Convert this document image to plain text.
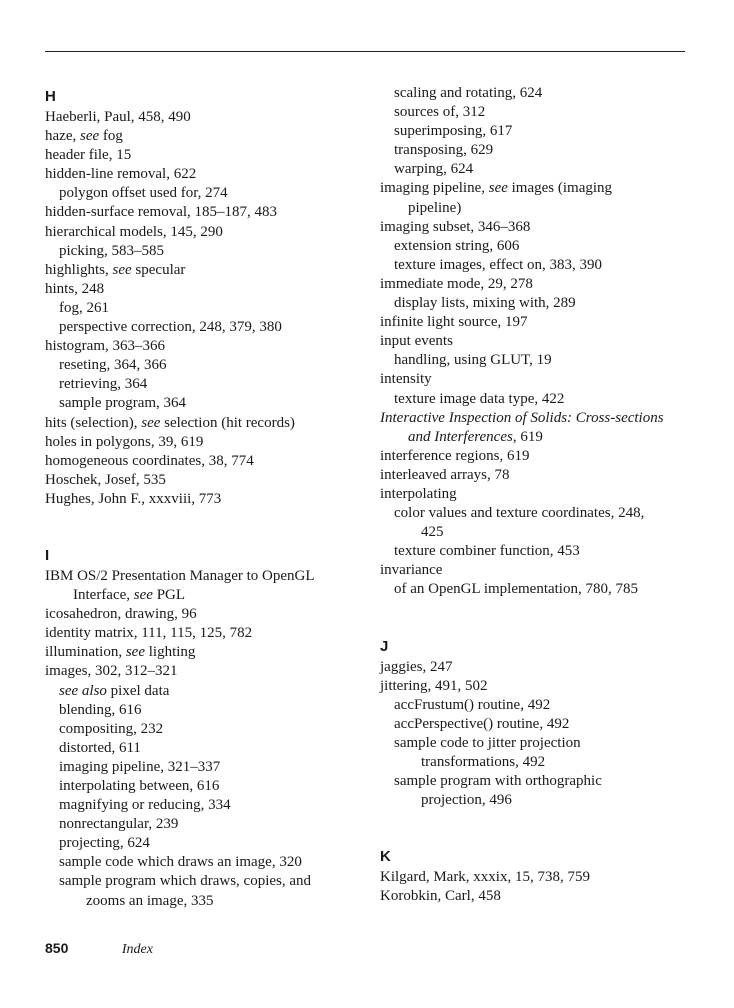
H
Haeberli, Paul, 458, 490
haze, see fog
header file, 15
hidden-line removal, 622
polygon offset used for, 274
hidden-surface removal, 185–187, 483
hierarchical models, 145, 290
picking, 583–585
highlights, see specular
hints, 248
fog, 261
perspective correction, 248, 379, 380
histogram, 363–366
reseting, 364, 366
retrieving, 364
sample program, 364
hits (selection), see selection (hit records)
holes in polygons, 39, 619
homogeneous coordinates, 38, 774
Hoschek, Josef, 535
Hughes, John F., xxxviii, 773
I
IBM OS/2 Presentation Manager to OpenGL
Interface, see PGL
icosahedron, drawing, 96
identity matrix, 111, 115, 125, 782
illumination, see lighting
images, 302, 312–321
see also pixel data
blending, 616
compositing, 232
distorted, 611
imaging pipeline, 321–337
interpolating between, 616
magnifying or reducing, 334
nonrectangular, 239
projecting, 624
sample code which draws an image, 320
sample program which draws, copies, and
zooms an image, 335
scaling and rotating, 624
sources of, 312
superimposing, 617
transposing, 629
warping, 624
imaging pipeline, see images (imaging
pipeline)
imaging subset, 346–368
extension string, 606
texture images, effect on, 383, 390
immediate mode, 29, 278
display lists, mixing with, 289
infinite light source, 197
input events
handling, using GLUT, 19
intensity
texture image data type, 422
Interactive Inspection of Solids: Cross-sections
and Interferences, 619
interference regions, 619
interleaved arrays, 78
interpolating
color values and texture coordinates, 248,
425
texture combiner function, 453
invariance
of an OpenGL implementation, 780, 785
J
jaggies, 247
jittering, 491, 502
accFrustum() routine, 492
accPerspective() routine, 492
sample code to jitter projection
transformations, 492
sample program with orthographic
projection, 496
K
Kilgard, Mark, xxxix, 15, 738, 759
Korobkin, Carl, 458
850	Index
